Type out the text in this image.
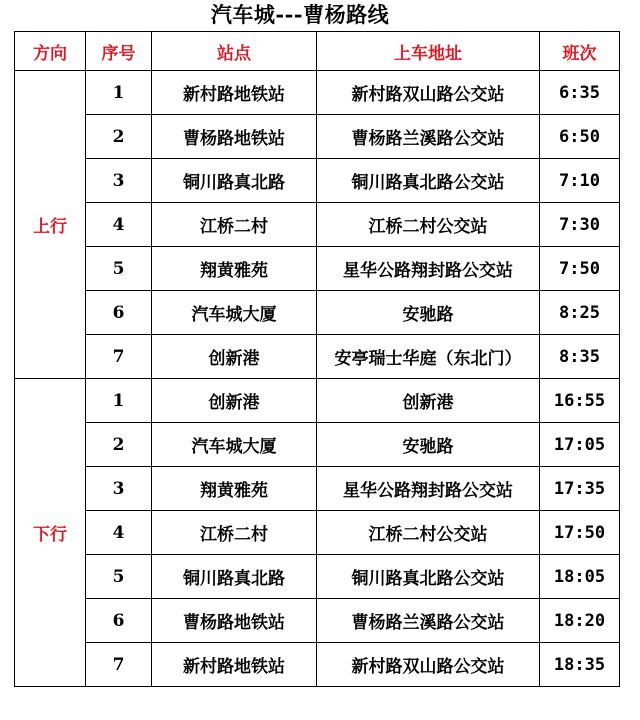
汽车城---曹杨路线
方向	序号	站点	上车地址	班次
上行	1	新村路地铁站	新村路双山路公交站	6:35
	2	曹杨路地铁站	曹杨路兰溪路公交站	6:50
	3	铜川路真北路	铜川路真北路公交站	7:10
	4	江桥二村	江桥二村公交站	7:30
	5	翔黄雅苑	星华公路翔封路公交站	7:50
	6	汽车城大厦	安驰路	8:25
	7	创新港	安亭瑞士华庭（东北门）	8:35
下行	1	创新港	创新港	16:55
	2	汽车城大厦	安驰路	17:05
	3	翔黄雅苑	星华公路翔封路公交站	17:35
	4	江桥二村	江桥二村公交站	17:50
	5	铜川路真北路	铜川路真北路公交站	18:05
	6	曹杨路地铁站	曹杨路兰溪路公交站	18:20
	7	新村路地铁站	新村路双山路公交站	18:35
